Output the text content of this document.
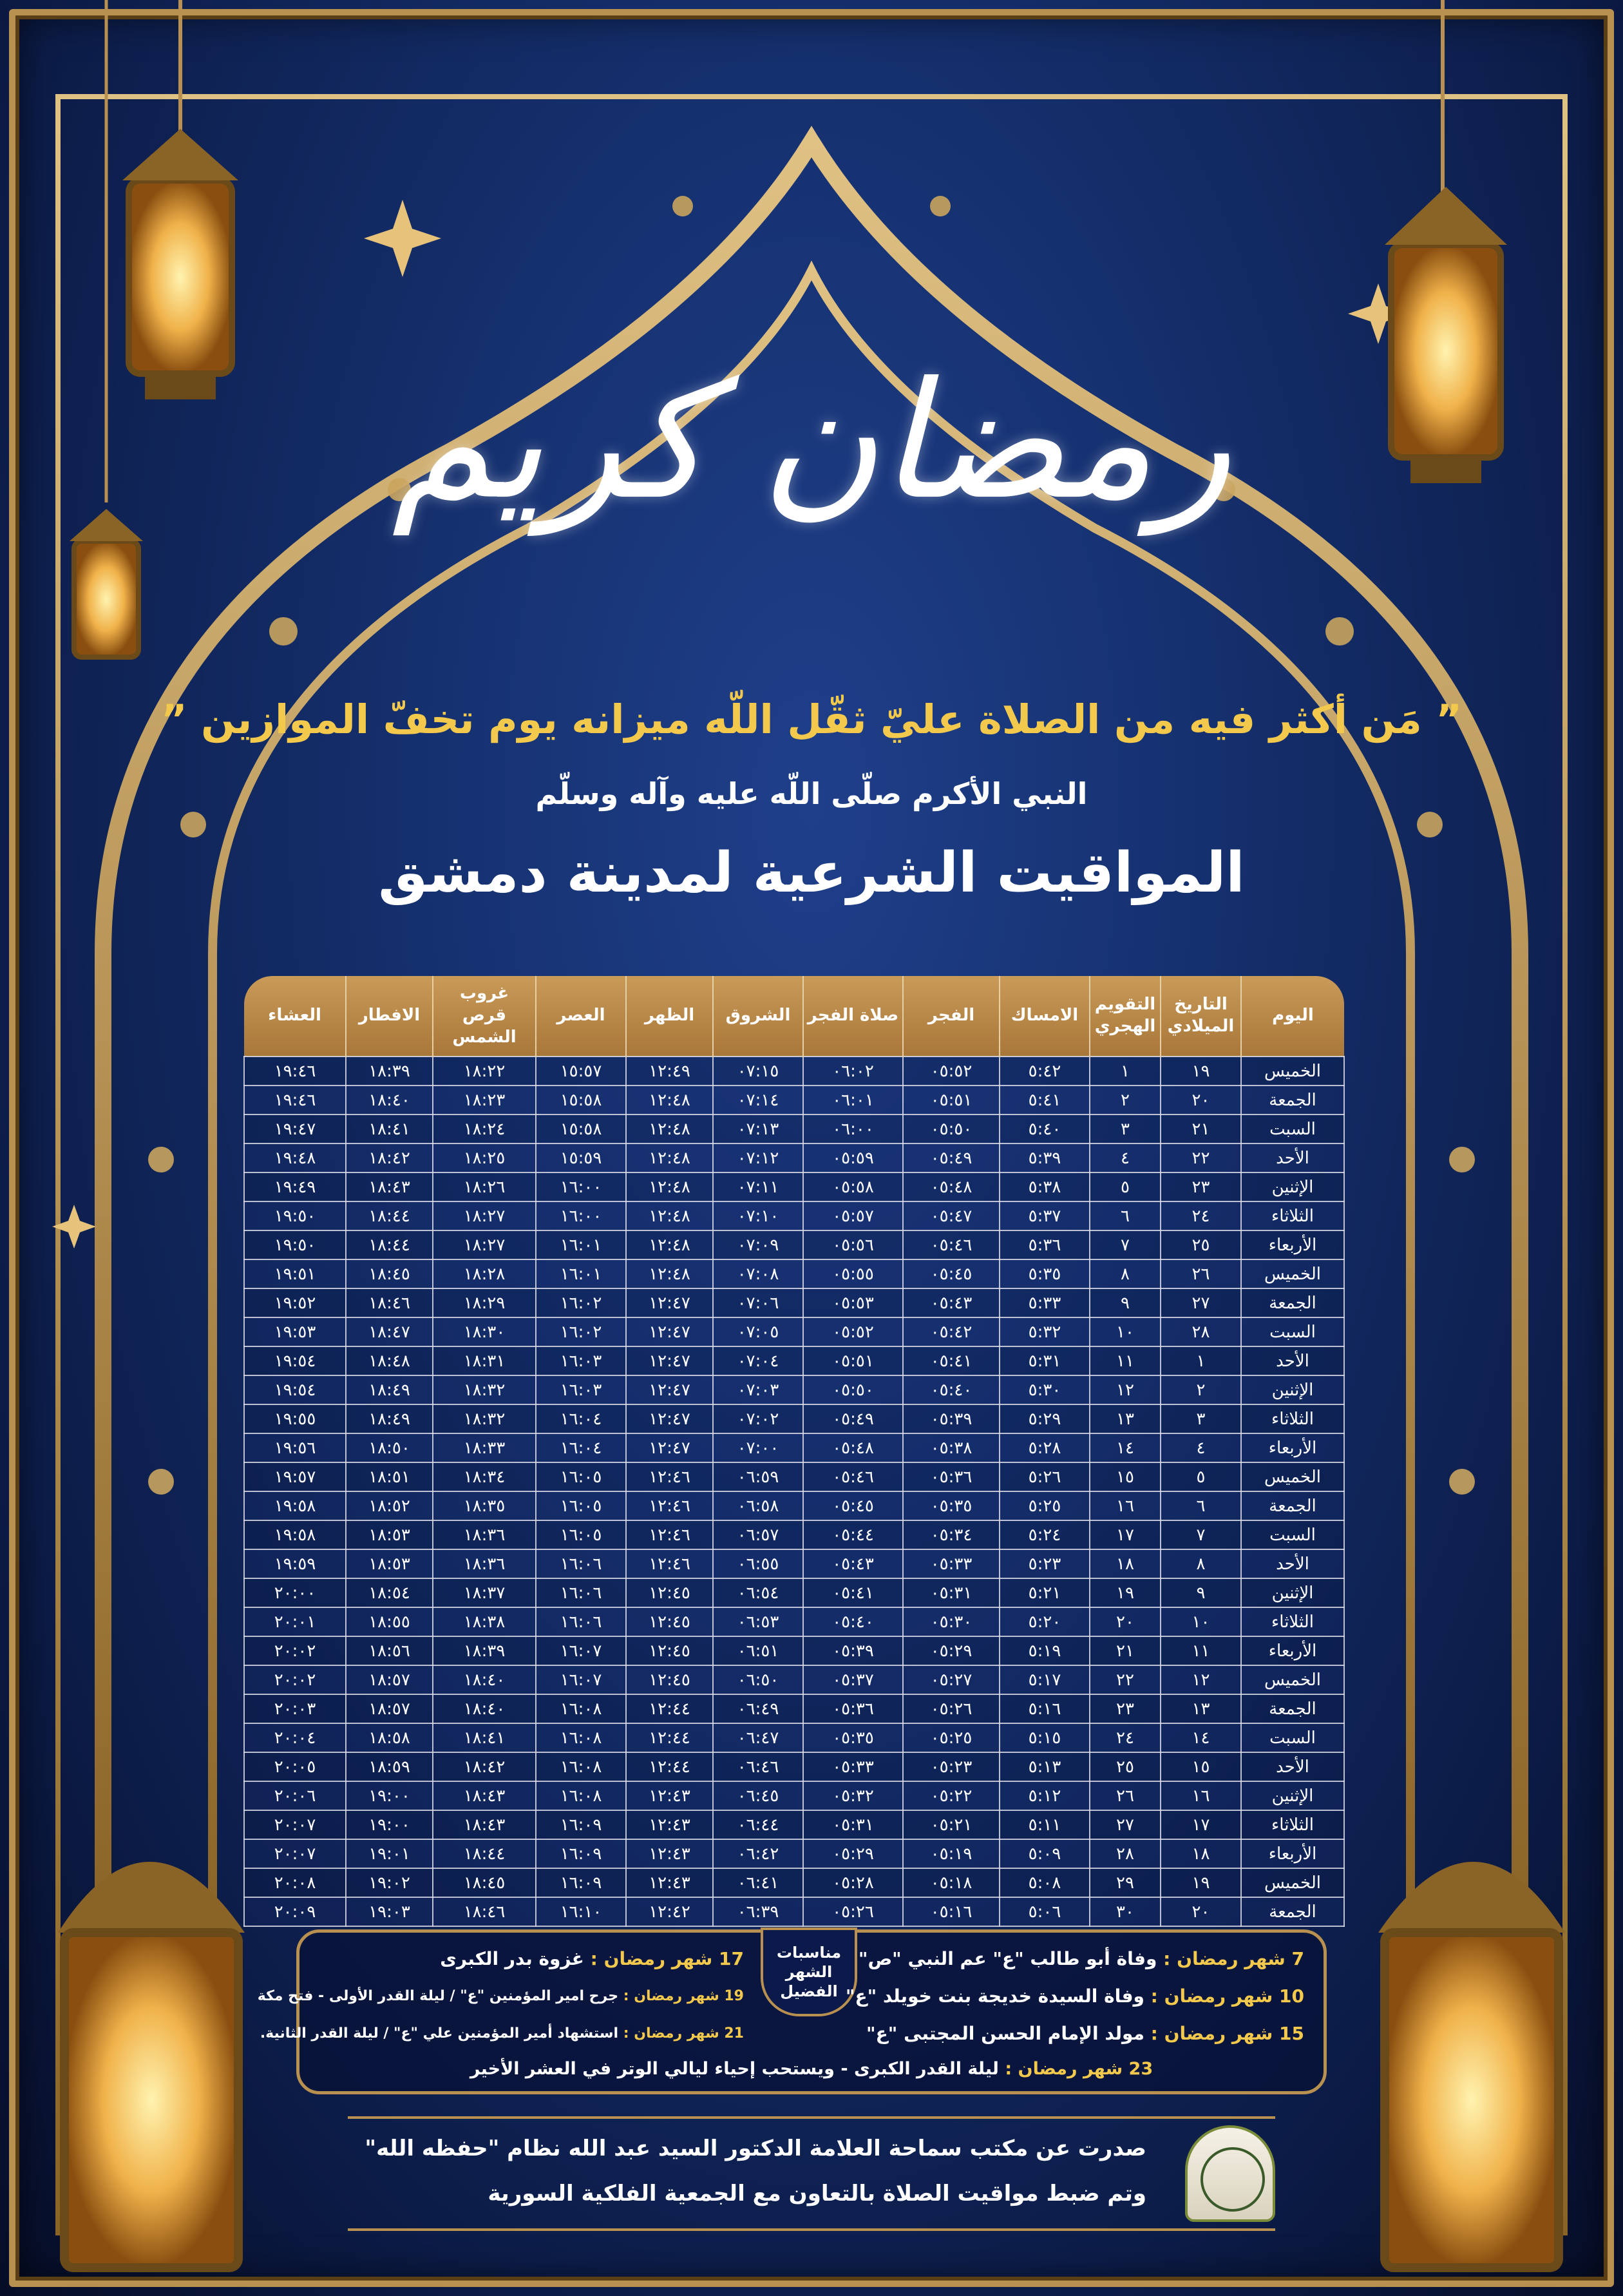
رمضان كريم
” مَن أكثر فيه من الصلاة عليّ ثقّل اللّه ميزانه يوم تخفّ الموازين ”
النبي الأكرم صلّى اللّه عليه وآله وسلّم
المواقيت الشرعية لمدينة دمشق
اليوم	التاريخ الميلادي	التقويم الهجري	الامساك	الفجر	صلاة الفجر	الشروق	الظهر	العصر	غروب قرص الشمس	الافطار	العشاء
الخميس	١٩	١	٥:٤٢	٠٥:٥٢	٠٦:٠٢	٠٧:١٥	١٢:٤٩	١٥:٥٧	١٨:٢٢	١٨:٣٩	١٩:٤٦
الجمعة	٢٠	٢	٥:٤١	٠٥:٥١	٠٦:٠١	٠٧:١٤	١٢:٤٨	١٥:٥٨	١٨:٢٣	١٨:٤٠	١٩:٤٦
السبت	٢١	٣	٥:٤٠	٠٥:٥٠	٠٦:٠٠	٠٧:١٣	١٢:٤٨	١٥:٥٨	١٨:٢٤	١٨:٤١	١٩:٤٧
الأحد	٢٢	٤	٥:٣٩	٠٥:٤٩	٠٥:٥٩	٠٧:١٢	١٢:٤٨	١٥:٥٩	١٨:٢٥	١٨:٤٢	١٩:٤٨
الإثنين	٢٣	٥	٥:٣٨	٠٥:٤٨	٠٥:٥٨	٠٧:١١	١٢:٤٨	١٦:٠٠	١٨:٢٦	١٨:٤٣	١٩:٤٩
الثلاثاء	٢٤	٦	٥:٣٧	٠٥:٤٧	٠٥:٥٧	٠٧:١٠	١٢:٤٨	١٦:٠٠	١٨:٢٧	١٨:٤٤	١٩:٥٠
الأربعاء	٢٥	٧	٥:٣٦	٠٥:٤٦	٠٥:٥٦	٠٧:٠٩	١٢:٤٨	١٦:٠١	١٨:٢٧	١٨:٤٤	١٩:٥٠
الخميس	٢٦	٨	٥:٣٥	٠٥:٤٥	٠٥:٥٥	٠٧:٠٨	١٢:٤٨	١٦:٠١	١٨:٢٨	١٨:٤٥	١٩:٥١
الجمعة	٢٧	٩	٥:٣٣	٠٥:٤٣	٠٥:٥٣	٠٧:٠٦	١٢:٤٧	١٦:٠٢	١٨:٢٩	١٨:٤٦	١٩:٥٢
السبت	٢٨	١٠	٥:٣٢	٠٥:٤٢	٠٥:٥٢	٠٧:٠٥	١٢:٤٧	١٦:٠٢	١٨:٣٠	١٨:٤٧	١٩:٥٣
الأحد	١	١١	٥:٣١	٠٥:٤١	٠٥:٥١	٠٧:٠٤	١٢:٤٧	١٦:٠٣	١٨:٣١	١٨:٤٨	١٩:٥٤
الإثنين	٢	١٢	٥:٣٠	٠٥:٤٠	٠٥:٥٠	٠٧:٠٣	١٢:٤٧	١٦:٠٣	١٨:٣٢	١٨:٤٩	١٩:٥٤
الثلاثاء	٣	١٣	٥:٢٩	٠٥:٣٩	٠٥:٤٩	٠٧:٠٢	١٢:٤٧	١٦:٠٤	١٨:٣٢	١٨:٤٩	١٩:٥٥
الأربعاء	٤	١٤	٥:٢٨	٠٥:٣٨	٠٥:٤٨	٠٧:٠٠	١٢:٤٧	١٦:٠٤	١٨:٣٣	١٨:٥٠	١٩:٥٦
الخميس	٥	١٥	٥:٢٦	٠٥:٣٦	٠٥:٤٦	٠٦:٥٩	١٢:٤٦	١٦:٠٥	١٨:٣٤	١٨:٥١	١٩:٥٧
الجمعة	٦	١٦	٥:٢٥	٠٥:٣٥	٠٥:٤٥	٠٦:٥٨	١٢:٤٦	١٦:٠٥	١٨:٣٥	١٨:٥٢	١٩:٥٨
السبت	٧	١٧	٥:٢٤	٠٥:٣٤	٠٥:٤٤	٠٦:٥٧	١٢:٤٦	١٦:٠٥	١٨:٣٦	١٨:٥٣	١٩:٥٨
الأحد	٨	١٨	٥:٢٣	٠٥:٣٣	٠٥:٤٣	٠٦:٥٥	١٢:٤٦	١٦:٠٦	١٨:٣٦	١٨:٥٣	١٩:٥٩
الإثنين	٩	١٩	٥:٢١	٠٥:٣١	٠٥:٤١	٠٦:٥٤	١٢:٤٥	١٦:٠٦	١٨:٣٧	١٨:٥٤	٢٠:٠٠
الثلاثاء	١٠	٢٠	٥:٢٠	٠٥:٣٠	٠٥:٤٠	٠٦:٥٣	١٢:٤٥	١٦:٠٦	١٨:٣٨	١٨:٥٥	٢٠:٠١
الأربعاء	١١	٢١	٥:١٩	٠٥:٢٩	٠٥:٣٩	٠٦:٥١	١٢:٤٥	١٦:٠٧	١٨:٣٩	١٨:٥٦	٢٠:٠٢
الخميس	١٢	٢٢	٥:١٧	٠٥:٢٧	٠٥:٣٧	٠٦:٥٠	١٢:٤٥	١٦:٠٧	١٨:٤٠	١٨:٥٧	٢٠:٠٢
الجمعة	١٣	٢٣	٥:١٦	٠٥:٢٦	٠٥:٣٦	٠٦:٤٩	١٢:٤٤	١٦:٠٨	١٨:٤٠	١٨:٥٧	٢٠:٠٣
السبت	١٤	٢٤	٥:١٥	٠٥:٢٥	٠٥:٣٥	٠٦:٤٧	١٢:٤٤	١٦:٠٨	١٨:٤١	١٨:٥٨	٢٠:٠٤
الأحد	١٥	٢٥	٥:١٣	٠٥:٢٣	٠٥:٣٣	٠٦:٤٦	١٢:٤٤	١٦:٠٨	١٨:٤٢	١٨:٥٩	٢٠:٠٥
الإثنين	١٦	٢٦	٥:١٢	٠٥:٢٢	٠٥:٣٢	٠٦:٤٥	١٢:٤٣	١٦:٠٨	١٨:٤٣	١٩:٠٠	٢٠:٠٦
الثلاثاء	١٧	٢٧	٥:١١	٠٥:٢١	٠٥:٣١	٠٦:٤٤	١٢:٤٣	١٦:٠٩	١٨:٤٣	١٩:٠٠	٢٠:٠٧
الأربعاء	١٨	٢٨	٥:٠٩	٠٥:١٩	٠٥:٢٩	٠٦:٤٢	١٢:٤٣	١٦:٠٩	١٨:٤٤	١٩:٠١	٢٠:٠٧
الخميس	١٩	٢٩	٥:٠٨	٠٥:١٨	٠٥:٢٨	٠٦:٤١	١٢:٤٣	١٦:٠٩	١٨:٤٥	١٩:٠٢	٢٠:٠٨
الجمعة	٢٠	٣٠	٥:٠٦	٠٥:١٦	٠٥:٢٦	٠٦:٣٩	١٢:٤٢	١٦:١٠	١٨:٤٦	١٩:٠٣	٢٠:٠٩
مناسبات
الشهر
الفضيل
7 شهر رمضان : وفاة أبو طالب "ع" عم النبي "ص"
10 شهر رمضان : وفاة السيدة خديجة بنت خويلد "ع"
15 شهر رمضان : مولد الإمام الحسن المجتبى "ع"
17 شهر رمضان : غزوة بدر الكبرى
19 شهر رمضان : جرح امير المؤمنين "ع" / ليلة القدر الأولى - فتح مكة
21 شهر رمضان : استشهاد أمير المؤمنين علي "ع" / ليلة القدر الثانية.
23 شهر رمضان : ليلة القدر الكبرى - ويستحب إحياء ليالي الوتر في العشر الأخير
صدرت عن مكتب سماحة العلامة الدكتور السيد عبد الله نظام "حفظه الله"
وتم ضبط مواقيت الصلاة بالتعاون مع الجمعية الفلكية السورية
